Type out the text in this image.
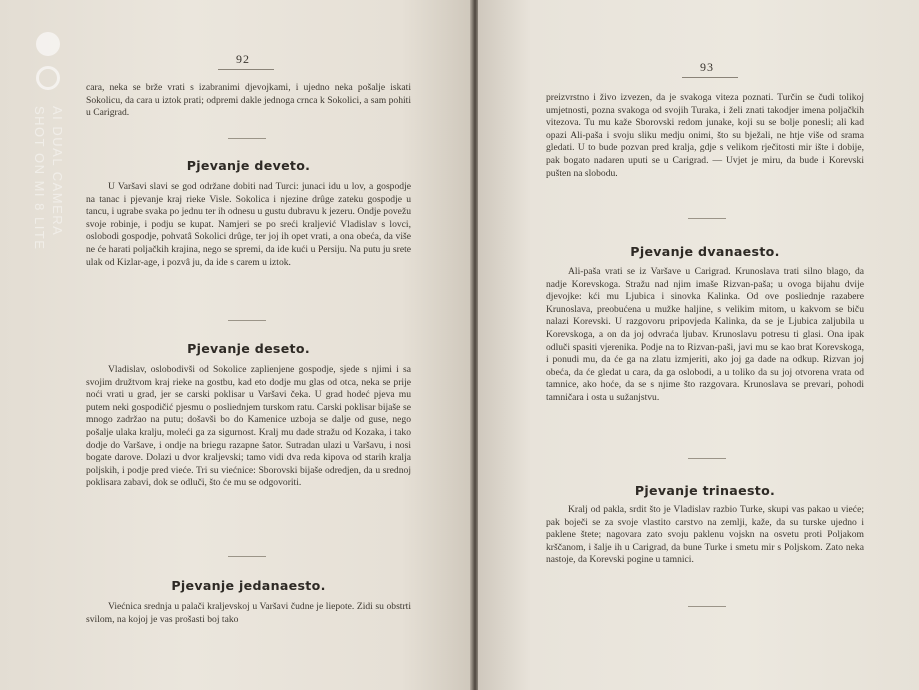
92

cara, neka se brže vrati s izabranimi djevojkami, i ujedno neka pošalje iskati Sokolicu, da cara u iztok prati; odpremi dakle jednoga crnca k Sokolici, a sam pohiti u Carigrad.

Pjevanje deveto.

U Varšavi slavi se god održane dobiti nad Turci: junaci idu u lov, a gospodje na tanac i pjevanje kraj rieke Visle. Sokolica i njezine drûge zateku gospodje u tancu, i ugrabe svaka po jednu ter ih odnesu u gustu dubravu k jezeru. Ondje povežu svoje robinje, i podju se kupat. Namjeri se po sreći kraljević Vladislav s lovci, oslobodi gospodje, pohvatâ Sokolici drûge, ter joj ih opet vrati, a ona obeća, da više ne će harati poljačkih krajina, nego se spremi, da ide kući u Persiju. Na putu ju srete ulak od Kizlar-age, i pozvâ ju, da ide s carem u iztok.

Pjevanje deseto.

Vladislav, oslobodivši od Sokolice zaplienjene gospodje, sjede s njimi i sa svojim družtvom kraj rieke na gostbu, kad eto dodje mu glas od otca, neka se prije noći vrati u grad, jer se carski poklisar u Varšavi čeka. U grad hodeć pjeva mu putem neki gospodičić pjesmu o posliednjem turskom ratu. Carski poklisar bijaše se mnogo zadržao na putu; došavši bo do Kamenice uzboja se dalje od guse, nego pošalje ulaka kralju, moleći ga za sigurnost. Kralj mu dade stražu od Kozaka, i tako dodje do Varšave, i ondje na briegu razapne šator. Sutradan ulazi u Varšavu, i nosi bogate darove. Dolazi u dvor kraljevski; tamo vidi dva reda kipova od starih kralja poljskih, i podje pred vieće. Tri su viećnice: Sborovski bijaše odredjen, da u srednoj poklisara zabavi, dok se odluči, što će mu se odgovoriti.

Pjevanje jedanaesto.

Viećnica srednja u palači kraljevskoj u Varšavi čudne je liepote. Zidi su obstrti svilom, na kojoj je vas prošasti boj tako

93

preizvrstno i živo izvezen, da je svakoga viteza poznati. Turčin se čudi tolikoj umjetnosti, pozna svakoga od svojih Turaka, i želi znati takodjer imena poljačkih vitezova. Tu mu kaže Sborovski redom junake, koji su se bolje ponesli; ali kad opazi Ali-paša i svoju sliku medju onimi, što su bježali, ne htje više od srama gledati. U to bude pozvan pred kralja, gdje s velikom rječitosti mir ište i dobije, pak bogato nadaren uputi se u Carigrad. — Uvjet je miru, da bude i Korevski pušten na slobodu.

Pjevanje dvanaesto.

Ali-paša vrati se iz Varšave u Carigrad. Krunoslava trati silno blago, da nadje Korevskoga. Stražu nad njim imaše Rizvan-paša; u ovoga bijahu dvije djevojke: kći mu Ljubica i sinovka Kalinka. Od ove posliednje razabere Krunoslava, preobućena u mužke haljine, s velikim mitom, u kakvom se biču nalazi Korevski. U razgovoru pripovjeda Kalinka, da se je Ljubica zaljubila u Korevskoga, a on da joj odvraća ljubav. Krunoslavu potresu ti glasi. Ona ipak odluči spasiti vjerenika. Podje na to Rizvan-paši, javi mu se kao brat Korevskoga, i ponudi mu, da će ga na zlatu izmjeriti, ako joj ga dade na odkup. Rizvan joj obeća, da će gledat u cara, da ga oslobodi, a u toliko da su joj otvorena vrata od tamnice, ako hoće, da se s njime što razgovara. Krunoslava se prevari, pohodi tamničara i osta u sužanjstvu.

Pjevanje trinaesto.

Kralj od pakla, srdit što je Vladislav razbio Turke, skupi vas pakao u vieće; pak boječi se za svoje vlastito carstvo na zemlji, kaže, da su turske ujedno i paklene štete; nagovara zato svoju paklenu vojskn na osvetu proti Poljakom krščanom, i šalje ih u Carigrad, da bune Turke i smetu mir s Poljskom. Zato neka nastoje, da Korevski pogine u tamnici.

SHOT ON MI 8 LITE AI DUAL CAMERA
